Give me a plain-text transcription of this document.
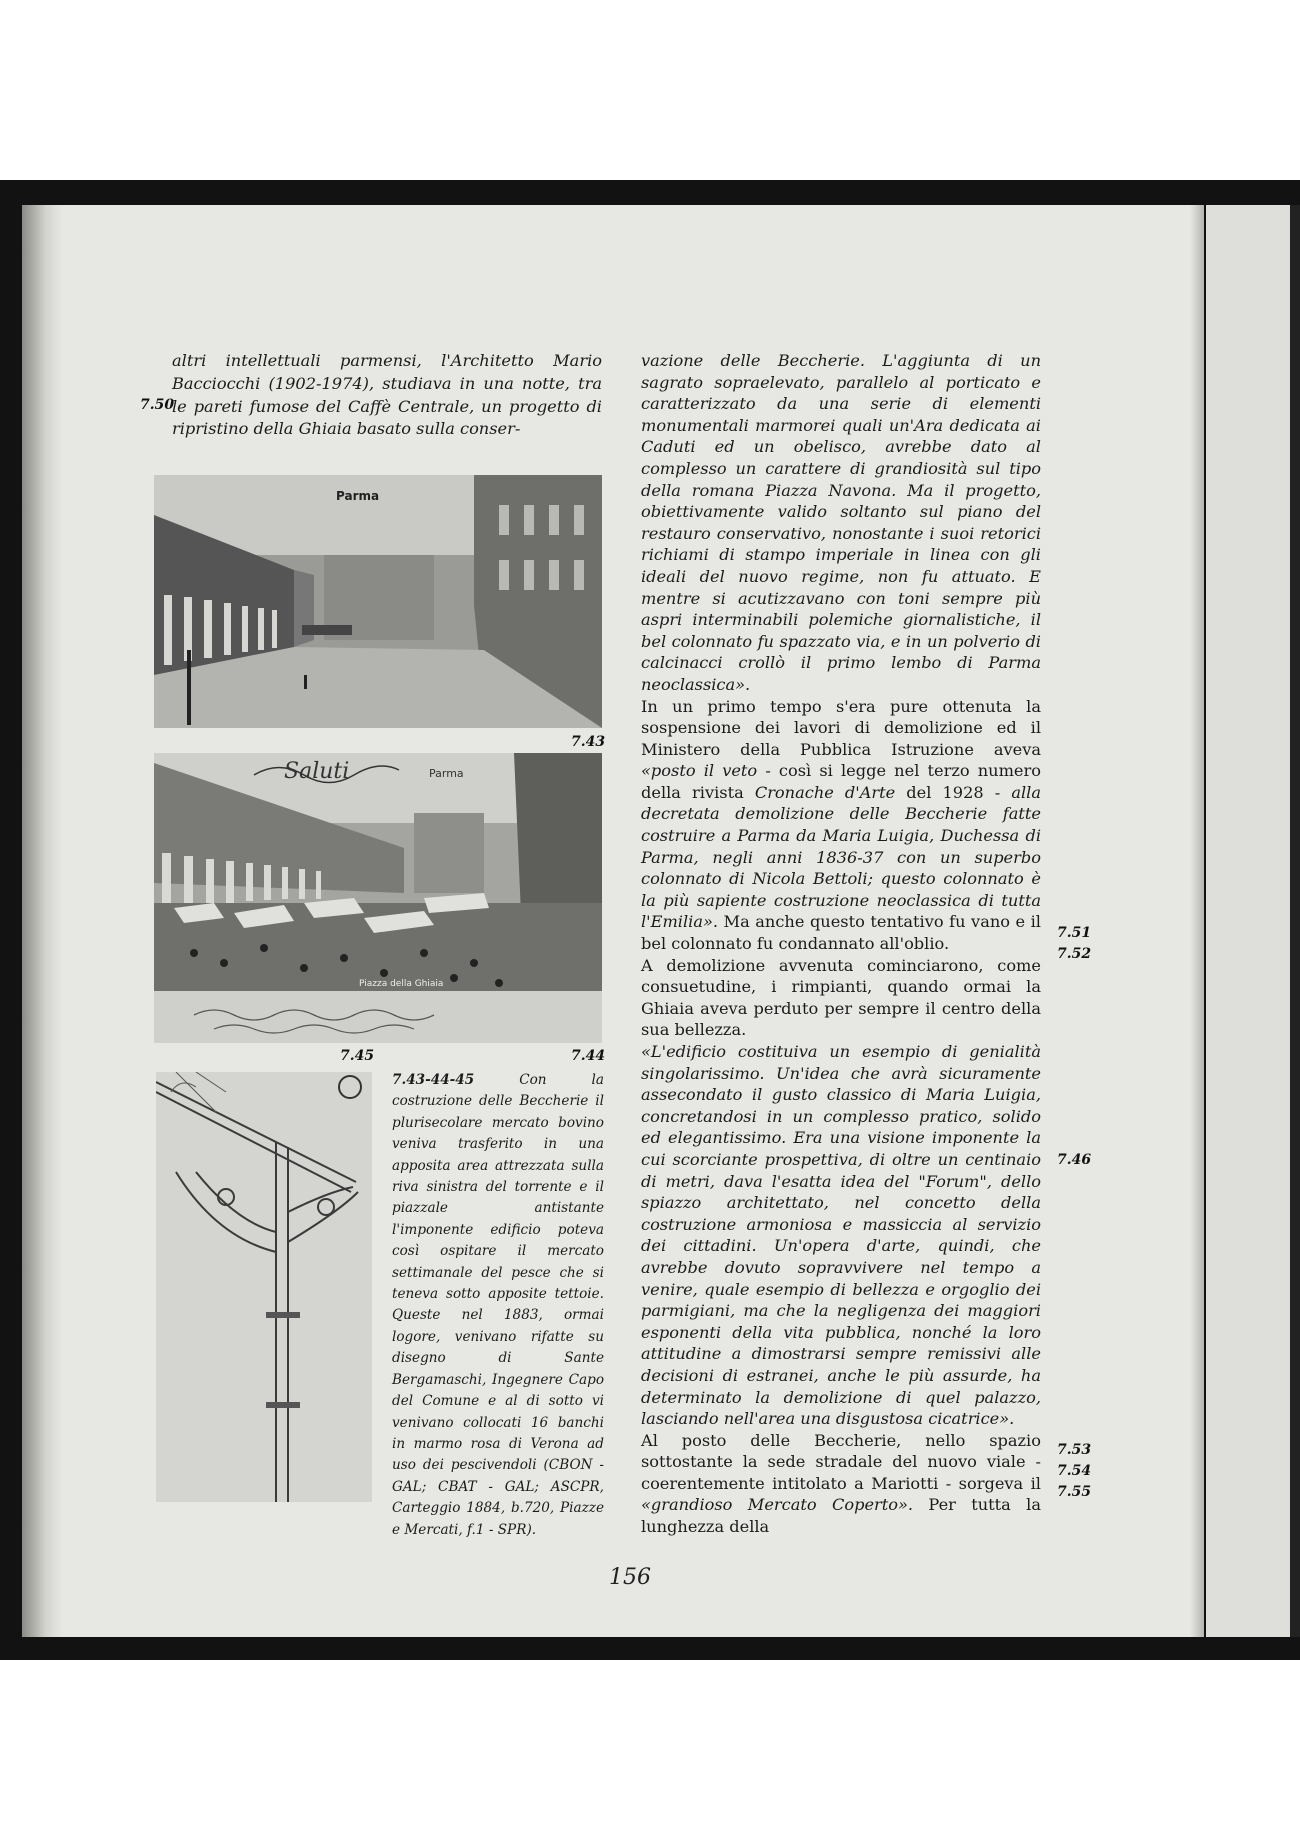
altri intellettuali parmensi, l'Architetto Mario Bacciocchi (1902-1974), studiava in una notte, tra le pareti fumose del Caffè Centrale, un progetto di ripristino della Ghiaia basato sulla conser-

7.50
Parma
7.43
Parma
Saluti
Piazza della Ghiaia
7.45	7.44
7.43-44-45	Con la costruzione delle Beccherie il plurisecolare mercato bovino veniva trasferito in una apposita area attrezzata sulla riva sinistra del torrente e il piazzale antistante l'imponente edificio poteva così ospitare il mercato settimanale del pesce che si teneva sotto apposite tettoie. Queste nel 1883, ormai logore, venivano rifatte su disegno di Sante Bergamaschi, Ingegnere Capo del Comune e al di sotto vi venivano collocati 16 banchi in marmo rosa di Verona ad uso dei pescivendoli (CBON - GAL; CBAT - GAL; ASCPR, Carteggio 1884, b.720, Piazze e Mercati, f.1 - SPR).

vazione delle Beccherie. L'aggiunta di un sagrato sopraelevato, parallelo al porticato e caratterizzato da una serie di elementi monumentali marmorei quali un'Ara dedicata ai Caduti ed un obelisco, avrebbe dato al complesso un carattere di grandiosità sul tipo della romana Piazza Navona. Ma il progetto, obiettivamente valido soltanto sul piano del restauro conservativo, nonostante i suoi retorici richiami di stampo imperiale in linea con gli ideali del nuovo regime, non fu attuato. E mentre si acutizzavano con toni sempre più aspri interminabili polemiche giornalistiche, il bel colonnato fu spazzato via, e in un polverio di calcinacci crollò il primo lembo di Parma neoclassica».

In un primo tempo s'era pure ottenuta la sospensione dei lavori di demolizione ed il Ministero della Pubblica Istruzione aveva «posto il veto - così si legge nel terzo numero della rivista Cronache d'Arte del 1928 - alla decretata demolizione delle Beccherie fatte costruire a Parma da Maria Luigia, Duchessa di Parma, negli anni 1836-37 con un superbo colonnato di Nicola Bettoli; questo colonnato è la più sapiente costruzione neoclassica di tutta l'Emilia». Ma anche questo tentativo fu vano e il bel colonnato fu condannato all'oblio.

A demolizione avvenuta cominciarono, come consuetudine, i rimpianti, quando ormai la Ghiaia aveva perduto per sempre il centro della sua bellezza.

«L'edificio costituiva un esempio di genialità singolarissimo. Un'idea che avrà sicuramente assecondato il gusto classico di Maria Luigia, concretandosi in un complesso pratico, solido ed elegantissimo. Era una visione imponente la cui scorciante prospettiva, di oltre un centinaio di metri, dava l'esatta idea del "Forum", dello spiazzo architettato, nel concetto della costruzione armoniosa e massiccia al servizio dei cittadini. Un'opera d'arte, quindi, che avrebbe dovuto sopravvivere nel tempo a venire, quale esempio di bellezza e orgoglio dei parmigiani, ma che la negligenza dei maggiori esponenti della vita pubblica, nonché la loro attitudine a dimostrarsi sempre remissivi alle decisioni di estranei, anche le più assurde, ha determinato la demolizione di quel palazzo, lasciando nell'area una disgustosa cicatrice».

Al posto delle Beccherie, nello spazio sottostante la sede stradale del nuovo viale - coerentemente intitolato a Mariotti - sorgeva il «grandioso Mercato Coperto». Per tutta la lunghezza della

7.51
7.52
7.46
7.53
7.54
7.55
156
